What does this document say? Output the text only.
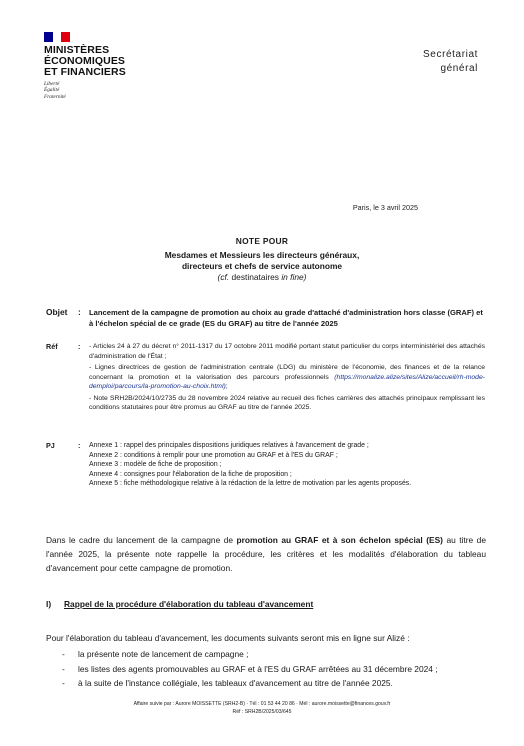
MINISTÈRES
ÉCONOMIQUES
ET FINANCIERS
Liberté
Égalité
Fraternité
Secrétariat
général
Paris, le 3 avril 2025
NOTE POUR
Mesdames et Messieurs les directeurs généraux,
directeurs et chefs de service autonome
(cf. destinataires in fine)
Objet : Lancement de la campagne de promotion au choix au grade d'attaché d'administration hors classe (GRAF) et à l'échelon spécial de ce grade (ES du GRAF) au titre de l'année 2025
Réf	: - Articles 24 à 27 du décret n° 2011-1317 du 17 octobre 2011 modifié portant statut particulier du corps interministériel des attachés d'administration de l'État ;

- Lignes directrices de gestion de l'administration centrale (LDG) du ministère de l'économie, des finances et de la relance concernant la promotion et la valorisation des parcours professionnels (https://monalize.alize/sites/Alize/accueil/rh-mode-demploi/parcours/la-promotion-au-choix.html);

- Note SRH2B/2024/10/2735 du 28 novembre 2024 relative au recueil des fiches carrières des attachés principaux remplissant les conditions statutaires pour être promus au GRAF au titre de l'année 2025.

PJ	: Annexe 1 : rappel des principales dispositions juridiques relatives à l'avancement de grade ;

Annexe 2 : conditions à remplir pour une promotion au GRAF et à l'ES du GRAF ;

Annexe 3 : modèle de fiche de proposition ;

Annexe 4 : consignes pour l'élaboration de la fiche de proposition ;

Annexe 5 : fiche méthodologique relative à la rédaction de la lettre de motivation par les agents proposés.

Dans le cadre du lancement de la campagne de promotion au GRAF et à son échelon spécial (ES) au titre de l'année 2025, la présente note rappelle la procédure, les critères et les modalités d'élaboration du tableau d'avancement pour cette campagne de promotion.
I) Rappel de la procédure d'élaboration du tableau d'avancement
Pour l'élaboration du tableau d'avancement, les documents suivants seront mis en ligne sur Alizé :
- la présente note de lancement de campagne ;
- les listes des agents promouvables au GRAF et à l'ES du GRAF arrêtées au 31 décembre 2024 ;
- à la suite de l'instance collégiale, les tableaux d'avancement au titre de l'année 2025.
Affaire suivie par : Aurore MOISSETTE (SRH2-B) · Tél : 01 53 44 20 86 · Mél : aurore.moissette@finances.gouv.fr
Réf : SRH2B/2025/03/645
